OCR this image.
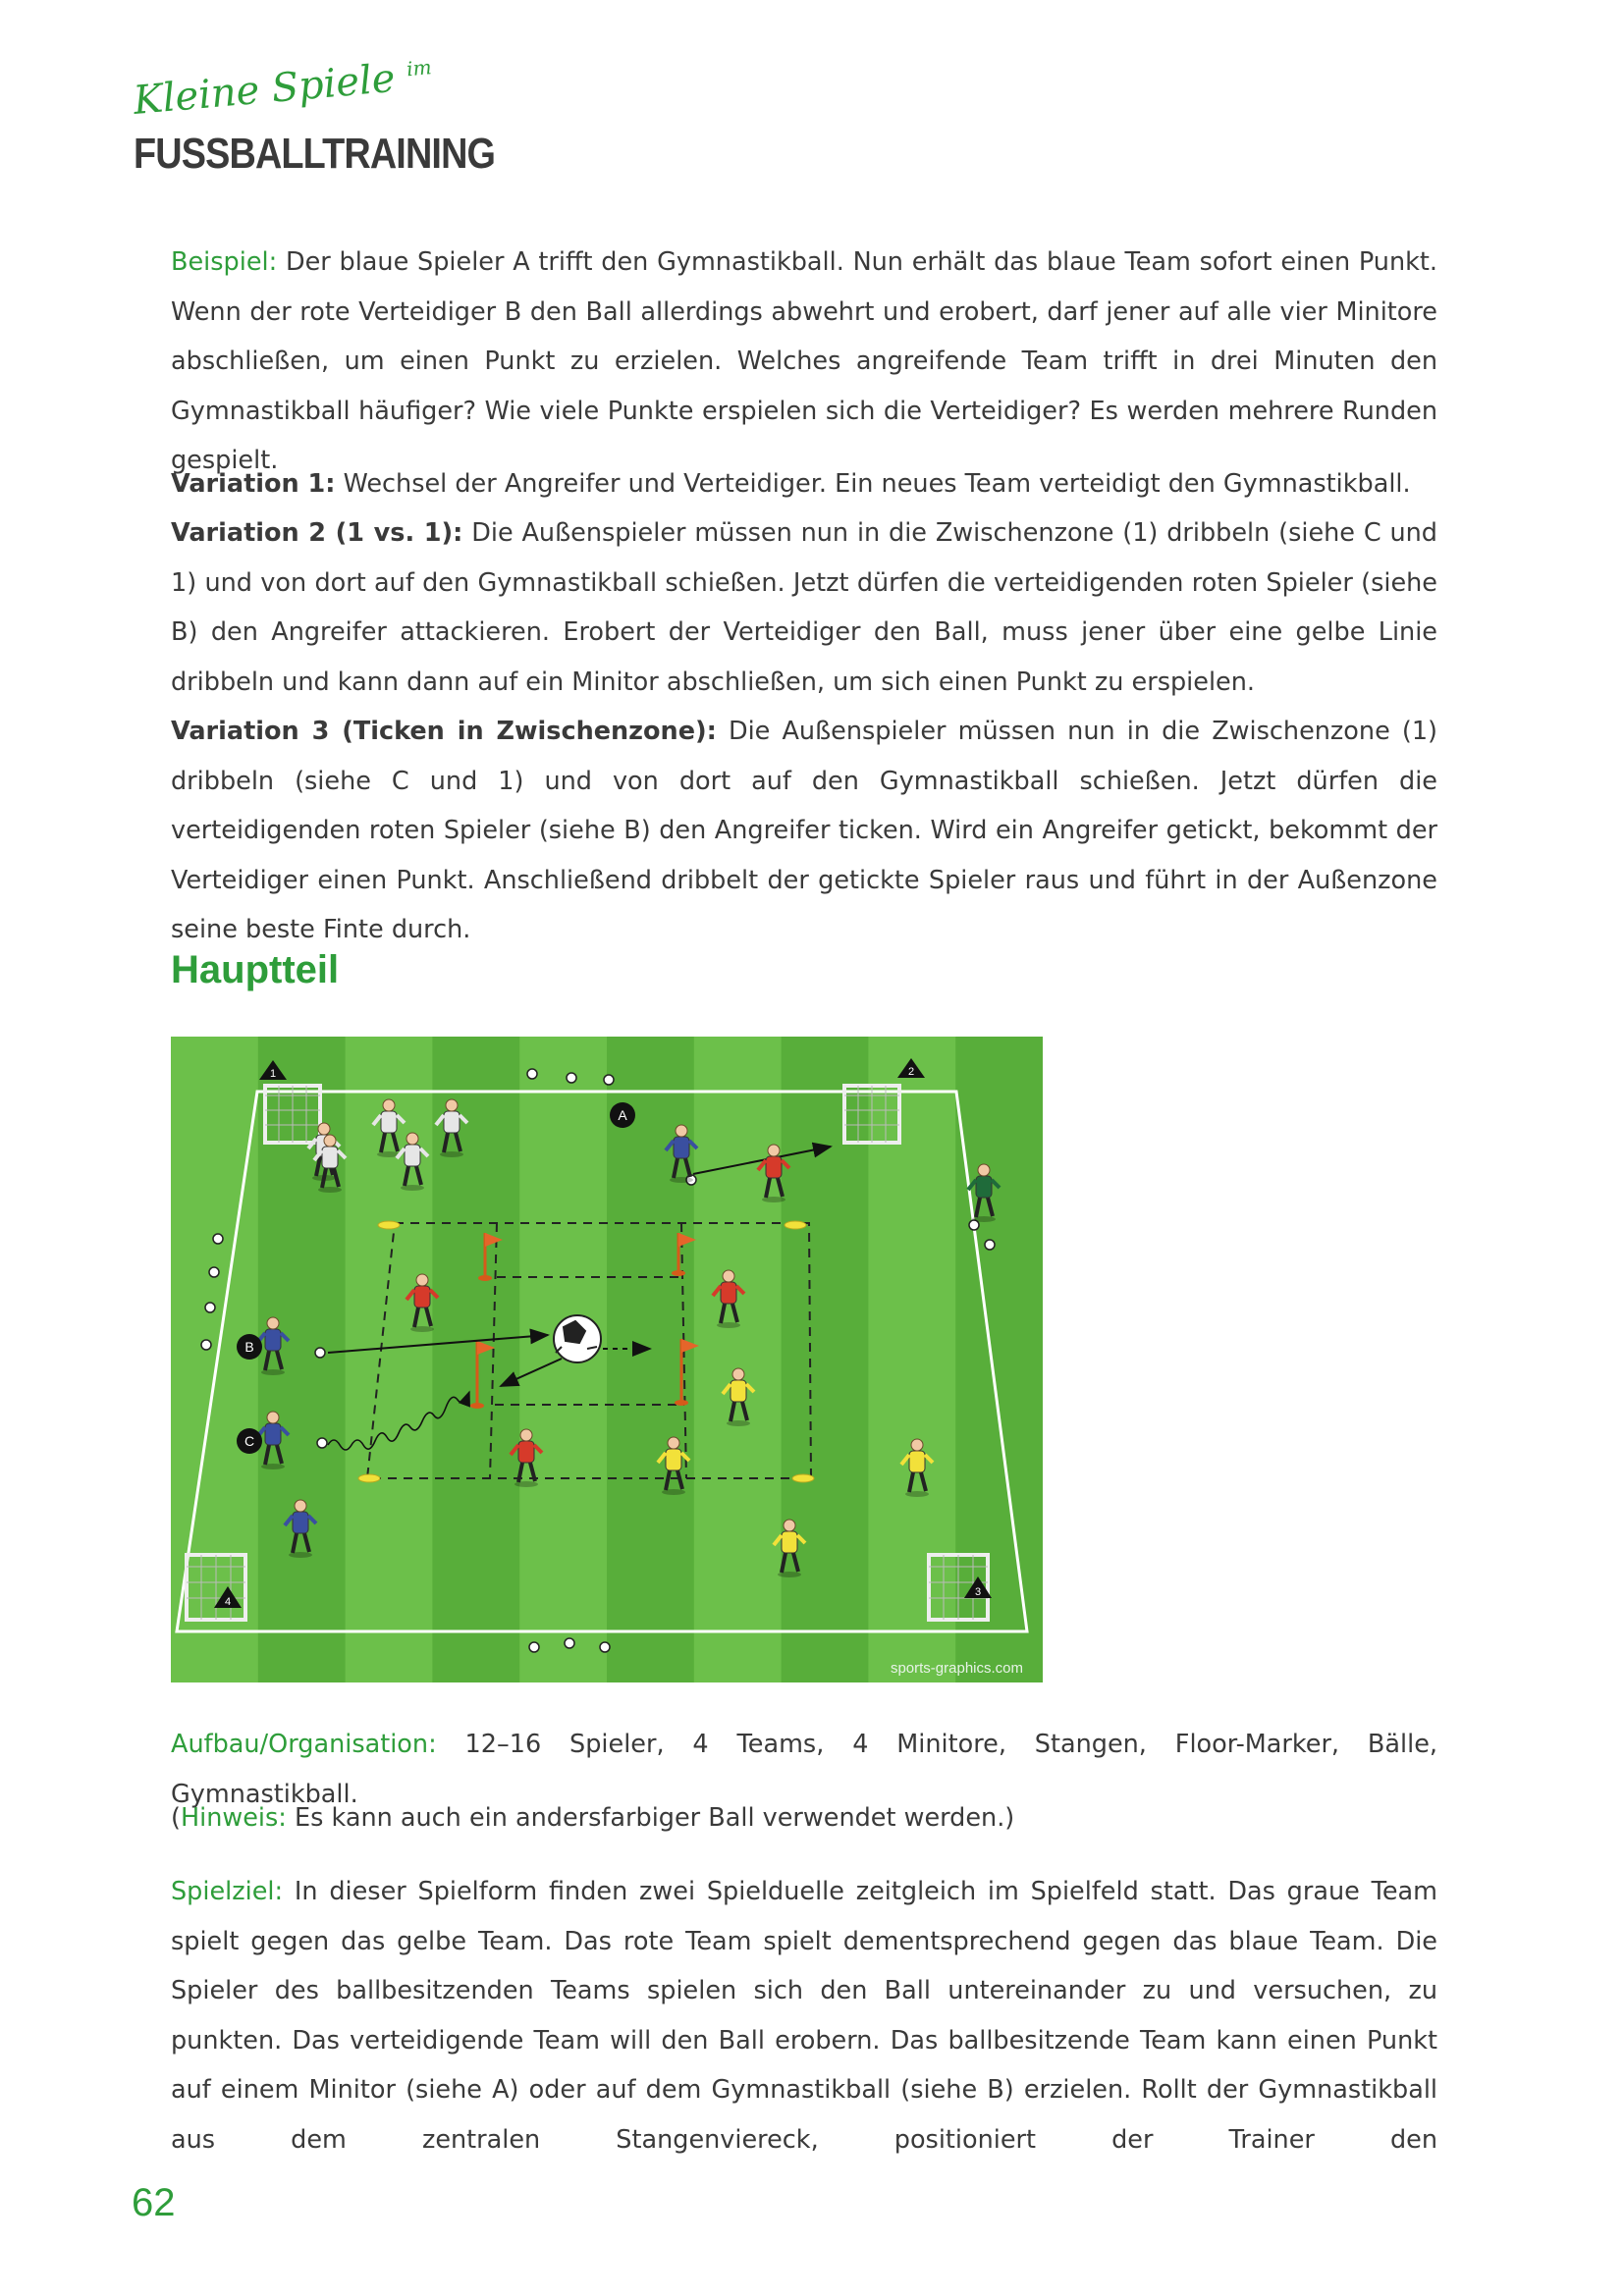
Kleine Spiele $^{im}$
FUSSBALLTRAINING

Beispiel: Der blaue Spieler A trifft den Gymnastikball. Nun erhält das blaue Team sofort einen Punkt. Wenn der rote Verteidiger B den Ball allerdings abwehrt und erobert, darf jener auf alle vier Minitore abschließen, um einen Punkt zu erzielen. Welches angreifende Team trifft in drei Minuten den Gymnastikball häufiger? Wie viele Punkte erspielen sich die Verteidiger? Es werden mehrere Runden gespielt.

Variation 1: Wechsel der Angreifer und Verteidiger. Ein neues Team verteidigt den Gymnastikball.

Variation 2 (1 vs. 1): Die Außenspieler müssen nun in die Zwischenzone (1) dribbeln (siehe C und 1) und von dort auf den Gymnastikball schießen. Jetzt dürfen die verteidigenden roten Spieler (siehe B) den Angreifer attackieren. Erobert der Verteidiger den Ball, muss jener über eine gelbe Linie dribbeln und kann dann auf ein Minitor abschließen, um sich einen Punkt zu erspielen.

Variation 3 (Ticken in Zwischenzone): Die Außenspieler müssen nun in die Zwischenzone (1) dribbeln (siehe C und 1) und von dort auf den Gymnastikball schießen. Jetzt dürfen die verteidigenden roten Spieler (siehe B) den Angreifer ticken. Wird ein Angreifer getickt, bekommt der Verteidiger einen Punkt. Anschließend dribbelt der getickte Spieler raus und führt in der Außenzone seine beste Finte durch.

Hauptteil
1	2
3
4
A
B
C
sports-graphics.com

Aufbau/Organisation: 12–16 Spieler, 4 Teams, 4 Minitore, Stangen, Floor-Marker, Bälle, Gymnastikball.

(Hinweis: Es kann auch ein andersfarbiger Ball verwendet werden.)

Spielziel: In dieser Spielform finden zwei Spielduelle zeitgleich im Spielfeld statt. Das graue Team spielt gegen das gelbe Team. Das rote Team spielt dementsprechend gegen das blaue Team. Die Spieler des ballbesitzenden Teams spielen sich den Ball untereinander zu und versuchen, zu punkten. Das verteidigende Team will den Ball erobern. Das ballbesitzende Team kann einen Punkt auf einem Minitor (siehe A) oder auf dem Gymnastikball (siehe B) erzielen. Rollt der Gymnastikball aus dem zentralen Stangenviereck, positioniert der Trainer den

62
